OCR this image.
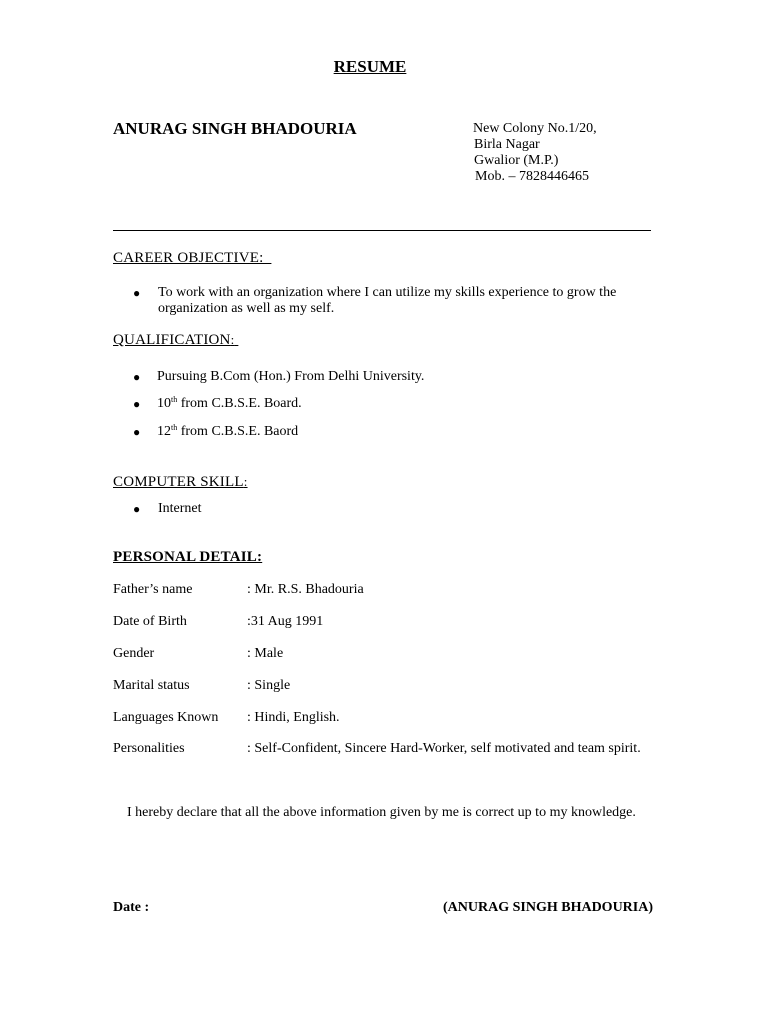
RESUME
ANURAG SINGH BHADOURIA	New Colony No.1/20,
Birla Nagar
Gwalior (M.P.)
Mob. – 7828446465
CAREER OBJECTIVE:
● To work with an organization where I can utilize my skills experience to grow the
organization as well as my self.
QUALIFICATION:
● Pursuing B.Com (Hon.) From Delhi University.
● 10th from C.B.S.E. Board.
● 12th from C.B.S.E. Baord
COMPUTER SKILL:
● Internet
PERSONAL DETAIL:
Father’s name	: Mr. R.S. Bhadouria
Date of Birth	:31 Aug 1991
Gender	: Male
Marital status	: Single
Languages Known : Hindi, English.
Personalities	: Self-Confident, Sincere Hard-Worker, self motivated and team spirit.
I hereby declare that all the above information given by me is correct up to my knowledge.
Date :	(ANURAG SINGH BHADOURIA)
